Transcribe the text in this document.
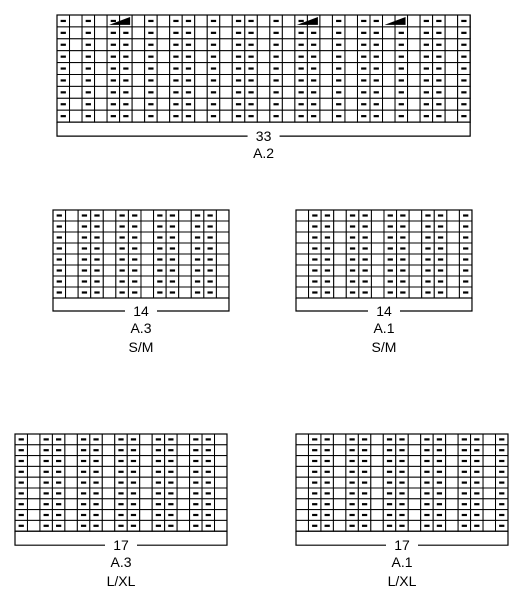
33
A.2
14
A.3
S/M
14
A.1
S/M
17
A.3
L/XL
17
A.1
L/XL
